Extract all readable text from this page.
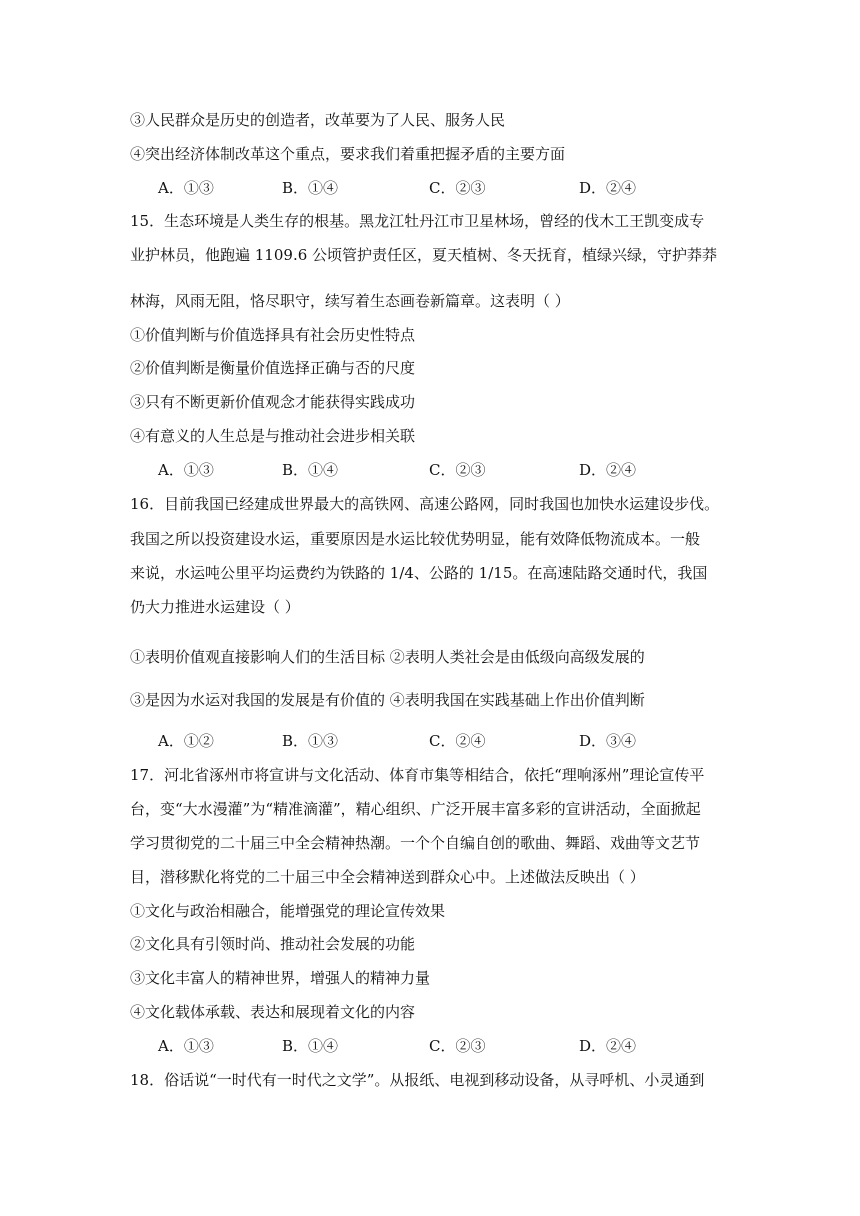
③人民群众是历史的创造者，改革要为了人民、服务人民
④突出经济体制改革这个重点，要求我们着重把握矛盾的主要方面
A．①③	B．①④	C．②③	D．②④
15．生态环境是人类生存的根基。黑龙江牡丹江市卫星林场，曾经的伐木工王凯变成专
业护林员，他跑遍 1109.6 公顷管护责任区，夏天植树、冬天抚育，植绿兴绿，守护莽莽
林海，风雨无阻，恪尽职守，续写着生态画卷新篇章。这表明（ ）
①价值判断与价值选择具有社会历史性特点
②价值判断是衡量价值选择正确与否的尺度
③只有不断更新价值观念才能获得实践成功
④有意义的人生总是与推动社会进步相关联
A．①③	B．①④	C．②③	D．②④
16．目前我国已经建成世界最大的高铁网、高速公路网，同时我国也加快水运建设步伐。
我国之所以投资建设水运，重要原因是水运比较优势明显，能有效降低物流成本。一般
来说，水运吨公里平均运费约为铁路的 1/4、公路的 1/15。在高速陆路交通时代，我国
仍大力推进水运建设（ ）
①表明价值观直接影响人们的生活目标 ②表明人类社会是由低级向高级发展的
③是因为水运对我国的发展是有价值的 ④表明我国在实践基础上作出价值判断
A．①②	B．①③	C．②④	D．③④
17．河北省涿州市将宣讲与文化活动、体育市集等相结合，依托“理响涿州”理论宣传平
台，变“大水漫灌”为“精准滴灌”，精心组织、广泛开展丰富多彩的宣讲活动，全面掀起
学习贯彻党的二十届三中全会精神热潮。一个个自编自创的歌曲、舞蹈、戏曲等文艺节
目，潜移默化将党的二十届三中全会精神送到群众心中。上述做法反映出（ ）
①文化与政治相融合，能增强党的理论宣传效果
②文化具有引领时尚、推动社会发展的功能
③文化丰富人的精神世界，增强人的精神力量
④文化载体承载、表达和展现着文化的内容
A．①③	B．①④	C．②③	D．②④
18．俗话说“一时代有一时代之文学”。从报纸、电视到移动设备，从寻呼机、小灵通到
